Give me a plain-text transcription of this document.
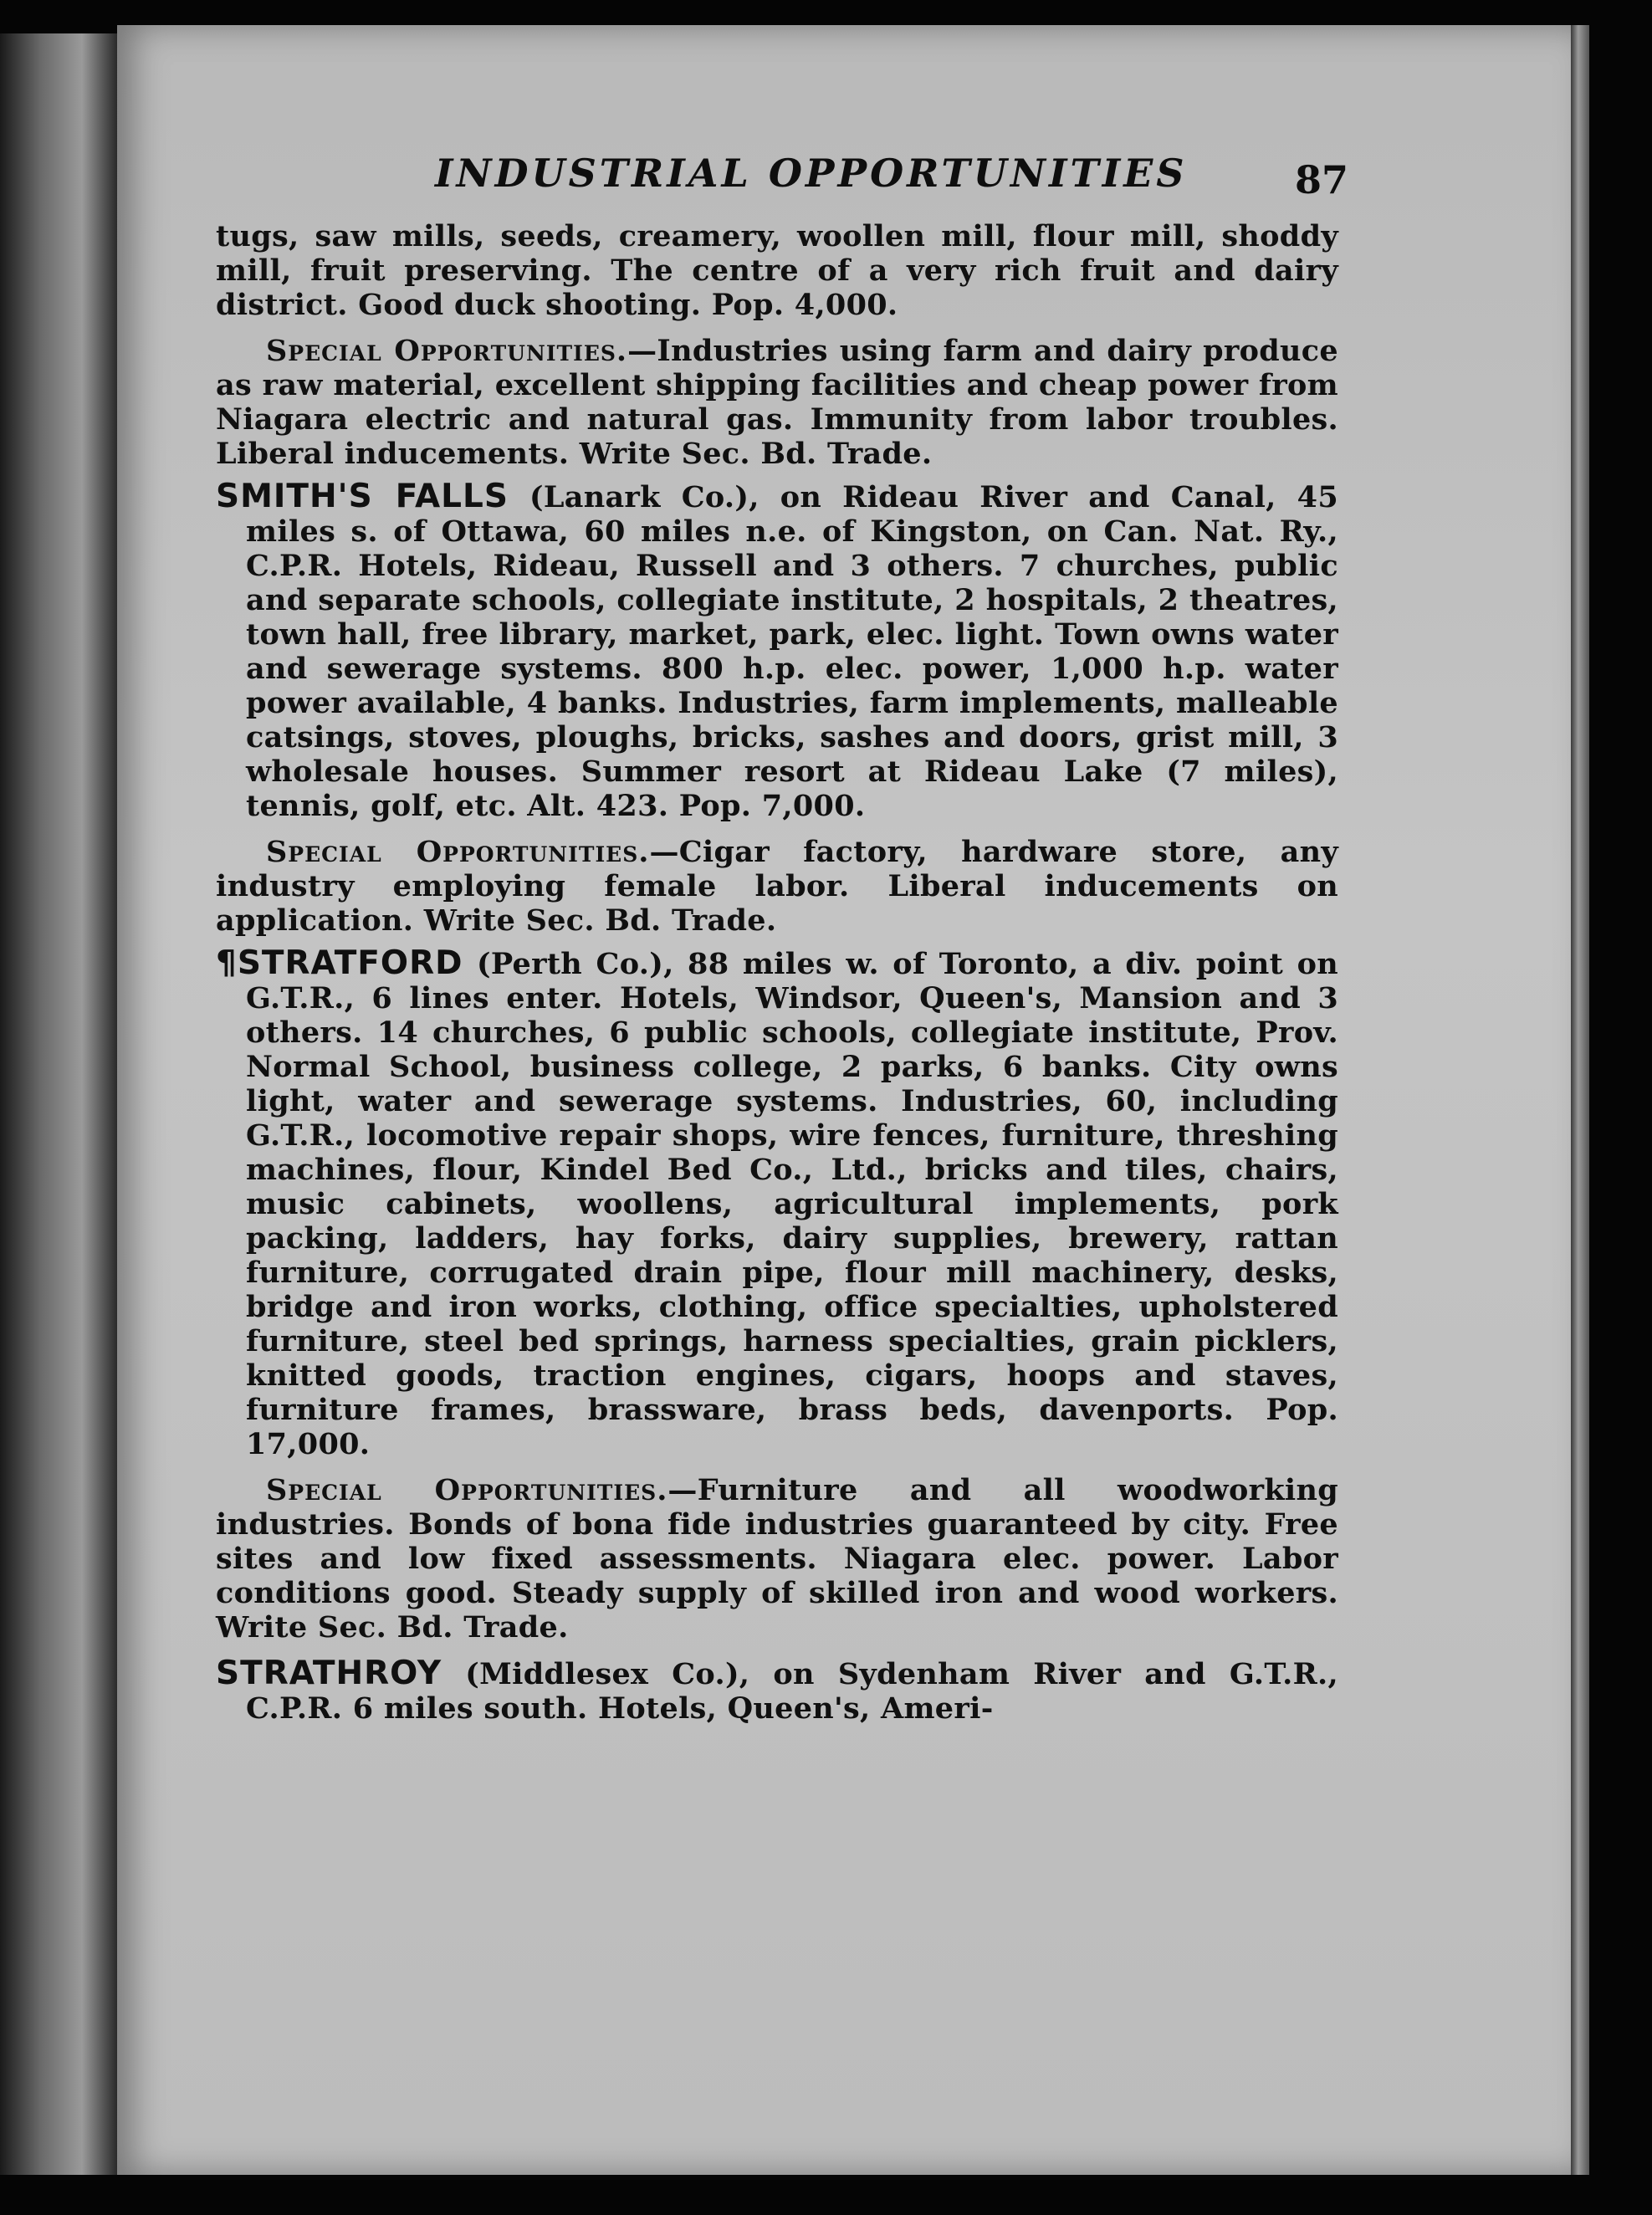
INDUSTRIAL OPPORTUNITIES	87

tugs, saw mills, seeds, creamery, woollen mill, flour mill, shoddy mill, fruit preserving. The centre of a very rich fruit and dairy district. Good duck shooting. Pop. 4,000.

Special Opportunities.—Industries using farm and dairy produce as raw material, excellent shipping facilities and cheap power from Niagara electric and natural gas. Immunity from labor troubles. Liberal inducements. Write Sec. Bd. Trade.

SMITH'S FALLS (Lanark Co.), on Rideau River and Canal, 45 miles s. of Ottawa, 60 miles n.e. of Kingston, on Can. Nat. Ry., C.P.R. Hotels, Rideau, Russell and 3 others. 7 churches, public and separate schools, collegiate institute, 2 hospitals, 2 theatres, town hall, free library, market, park, elec. light. Town owns water and sewerage systems. 800 h.p. elec. power, 1,000 h.p. water power available, 4 banks. Industries, farm implements, malleable catsings, stoves, ploughs, bricks, sashes and doors, grist mill, 3 wholesale houses. Summer resort at Rideau Lake (7 miles), tennis, golf, etc. Alt. 423. Pop. 7,000.

Special Opportunities.—Cigar factory, hardware store, any industry employing female labor. Liberal inducements on application. Write Sec. Bd. Trade.

¶STRATFORD (Perth Co.), 88 miles w. of Toronto, a div. point on G.T.R., 6 lines enter. Hotels, Windsor, Queen's, Mansion and 3 others. 14 churches, 6 public schools, collegiate institute, Prov. Normal School, business college, 2 parks, 6 banks. City owns light, water and sewerage systems. Industries, 60, including G.T.R., locomotive repair shops, wire fences, furniture, threshing machines, flour, Kindel Bed Co., Ltd., bricks and tiles, chairs, music cabinets, woollens, agricultural implements, pork packing, ladders, hay forks, dairy supplies, brewery, rattan furniture, corrugated drain pipe, flour mill machinery, desks, bridge and iron works, clothing, office specialties, upholstered furniture, steel bed springs, harness specialties, grain picklers, knitted goods, traction engines, cigars, hoops and staves, furniture frames, brassware, brass beds, davenports. Pop. 17,000.

Special Opportunities.—Furniture and all woodworking industries. Bonds of bona fide industries guaranteed by city. Free sites and low fixed assessments. Niagara elec. power. Labor conditions good. Steady supply of skilled iron and wood workers. Write Sec. Bd. Trade.

STRATHROY (Middlesex Co.), on Sydenham River and G.T.R., C.P.R. 6 miles south. Hotels, Queen's, Ameri-
